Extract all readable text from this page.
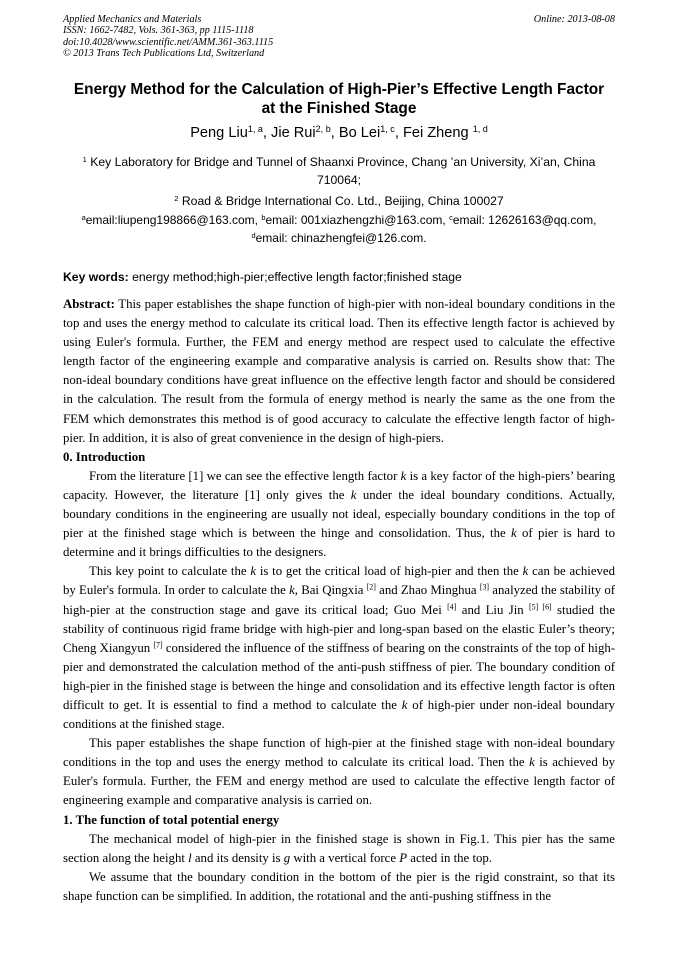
Applied Mechanics and Materials
ISSN: 1662-7482, Vols. 361-363, pp 1115-1118
doi:10.4028/www.scientific.net/AMM.361-363.1115
© 2013 Trans Tech Publications Ltd, Switzerland
Online: 2013-08-08
Energy Method for the Calculation of High-Pier’s Effective Length Factor
at the Finished Stage
Peng Liu$^{1, a}$, Jie Rui$^{2, b}$, Bo Lei$^{1, c}$, Fei Zheng $^{1, d}$
$^1$ Key Laboratory for Bridge and Tunnel of Shaanxi Province, Chang ’an University, Xi’an, China
710064;
$^2$ Road & Bridge International Co. Ltd., Beijing, China 100027
$^a$email:liupeng198866@163.com, $^b$email: 001xiazhengzhi@163.com, $^c$email: 12626163@qq.com,
$^d$email: chinazhengfei@126.com.
Key words: energy method;high-pier;effective length factor;finished stage

Abstract: This paper establishes the shape function of high-pier with non-ideal boundary conditions in the top and uses the energy method to calculate its critical load. Then its effective length factor is achieved by using Euler's formula. Further, the FEM and energy method are respect used to calculate the effective length factor of the engineering example and comparative analysis is carried on. Results show that: The non-ideal boundary conditions have great influence on the effective length factor and should be considered in the calculation. The result from the formula of energy method is nearly the same as the one from the FEM which demonstrates this method is of good accuracy to calculate the effective length factor of high-pier. In addition, it is also of great convenience in the design of high-piers.

0. Introduction

From the literature [1] we can see the effective length factor k is a key factor of the high-piers’ bearing capacity. However, the literature [1] only gives the k under the ideal boundary conditions. Actually, boundary conditions in the engineering are usually not ideal, especially boundary conditions in the top of pier at the finished stage which is between the hinge and consolidation. Thus, the k of pier is hard to determine and it brings difficulties to the designers.

This key point to calculate the k is to get the critical load of high-pier and then the k can be achieved by Euler's formula. In order to calculate the k, Bai Qingxia [2] and Zhao Minghua [3] analyzed the stability of high-pier at the construction stage and gave its critical load; Guo Mei [4] and Liu Jin [5] [6] studied the stability of continuous rigid frame bridge with high-pier and long-span based on the elastic Euler’s theory; Cheng Xiangyun [7] considered the influence of the stiffness of bearing on the constraints of the top of high-pier and demonstrated the calculation method of the anti-push stiffness of pier. The boundary condition of high-pier in the finished stage is between the hinge and consolidation and its effective length factor is often difficult to get. It is essential to find a method to calculate the k of high-pier under non-ideal boundary conditions at the finished stage.

This paper establishes the shape function of high-pier at the finished stage with non-ideal boundary conditions in the top and uses the energy method to calculate its critical load. Then the k is achieved by Euler's formula. Further, the FEM and energy method are used to calculate the effective length factor of engineering example and comparative analysis is carried on.

1. The function of total potential energy

The mechanical model of high-pier in the finished stage is shown in Fig.1. This pier has the same section along the height l and its density is g with a vertical force P acted in the top.

We assume that the boundary condition in the bottom of the pier is the rigid constraint, so that its shape function can be simplified. In addition, the rotational and the anti-pushing stiffness in the
